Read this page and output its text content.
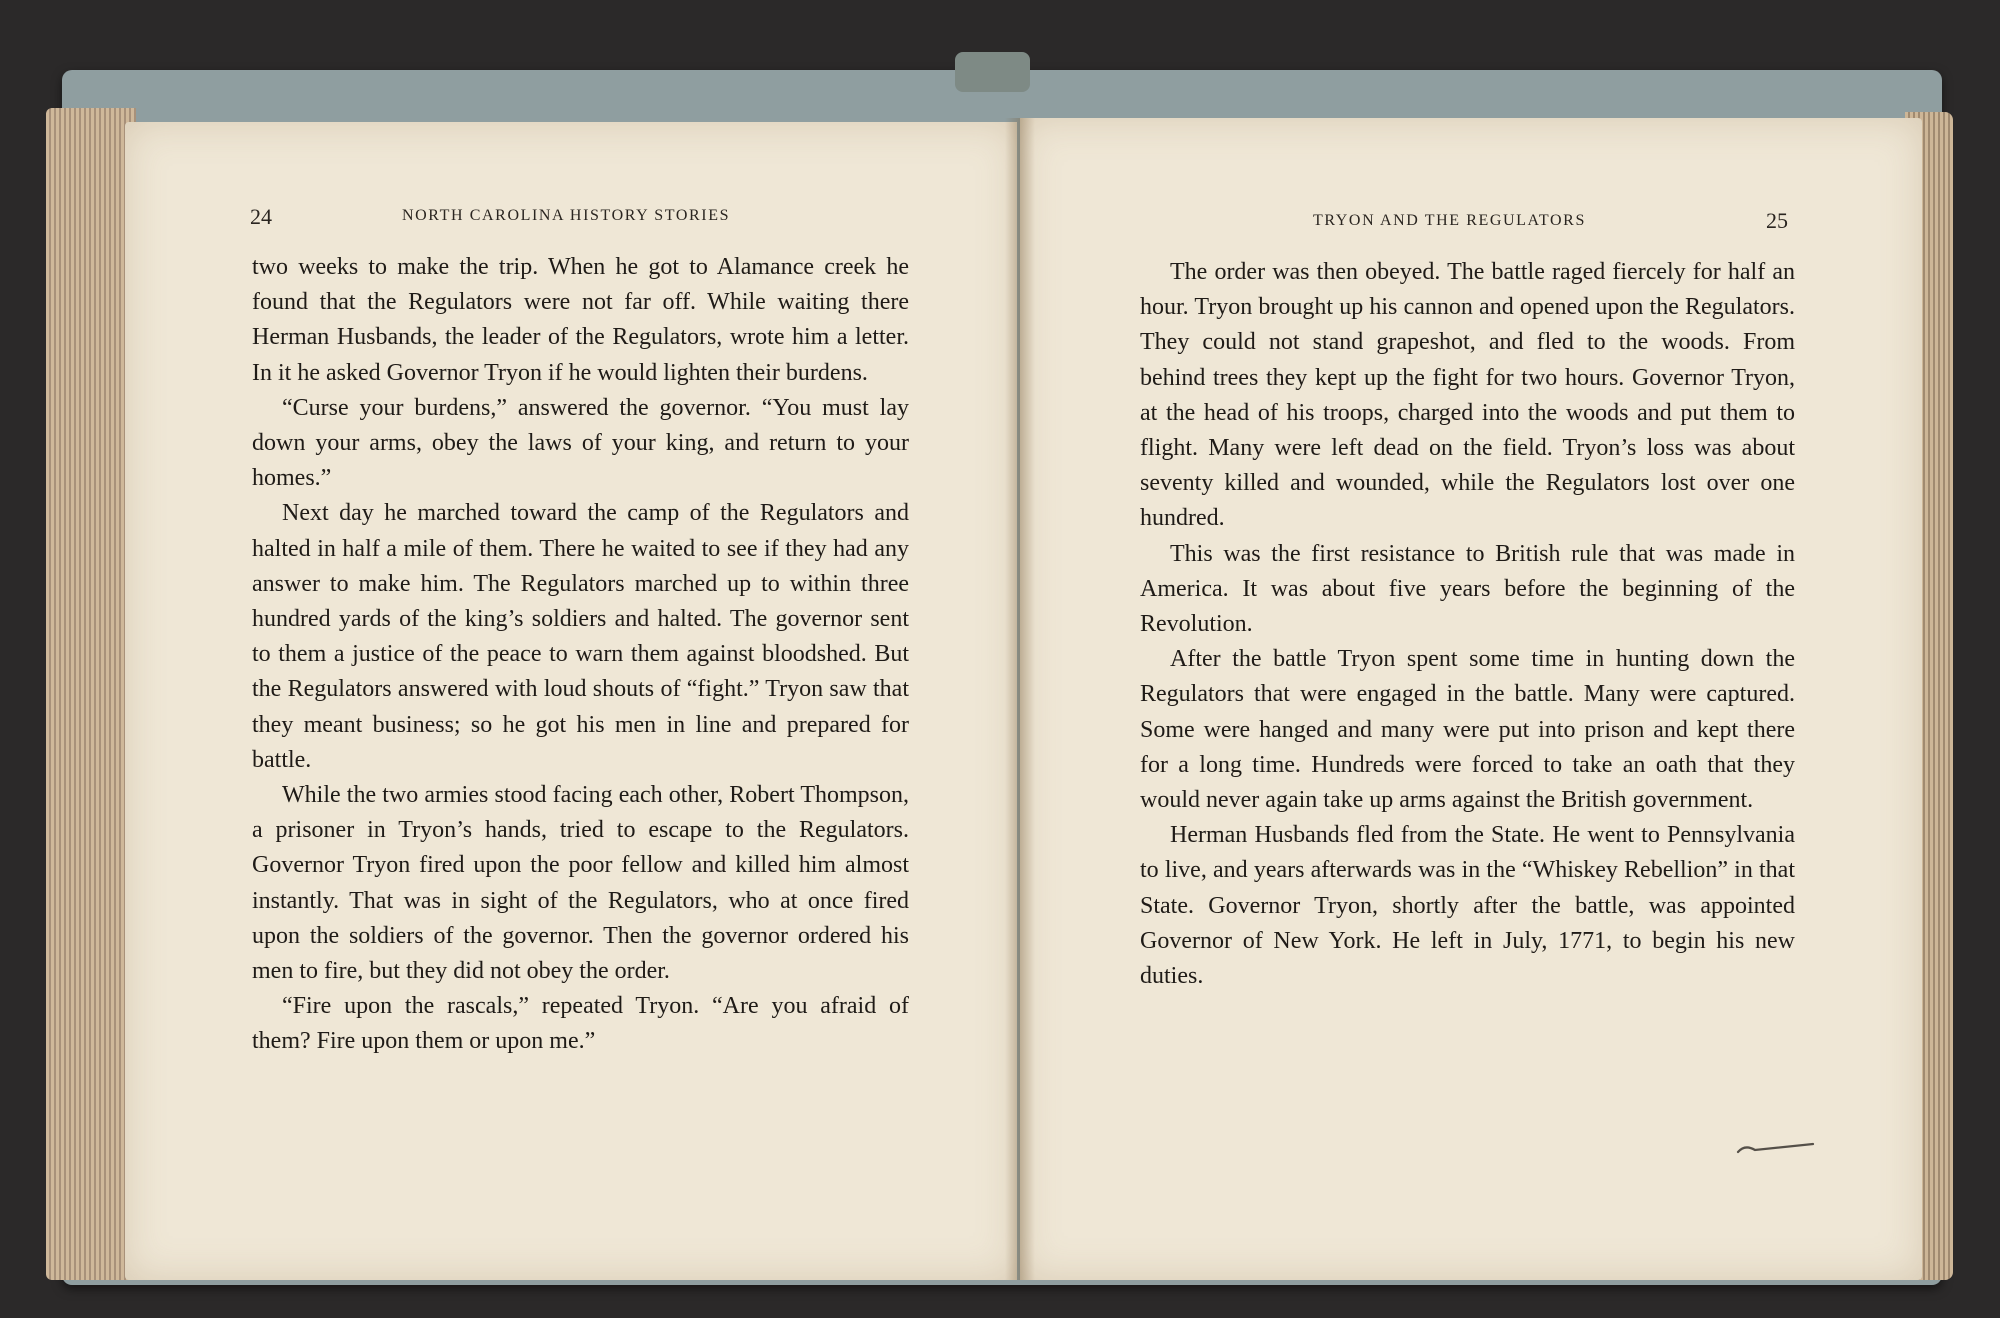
24	NORTH CAROLINA HISTORY STORIES	TRYON AND THE REGULATORS	25

two weeks to make the trip. When he got to Alamance creek he found that the Regulators were not far off. While waiting there Herman Husbands, the leader of the Regulators, wrote him a letter. In it he asked Governor Tryon if he would lighten their burdens.

“Curse your burdens,” answered the governor. “You must lay down your arms, obey the laws of your king, and return to your homes.”

Next day he marched toward the camp of the Regulators and halted in half a mile of them. There he waited to see if they had any answer to make him. The Regulators marched up to within three hundred yards of the king’s soldiers and halted. The governor sent to them a justice of the peace to warn them against bloodshed. But the Regulators answered with loud shouts of “fight.” Tryon saw that they meant business; so he got his men in line and prepared for battle.

While the two armies stood facing each other, Robert Thompson, a prisoner in Tryon’s hands, tried to escape to the Regulators. Governor Tryon fired upon the poor fellow and killed him almost instantly. That was in sight of the Regulators, who at once fired upon the soldiers of the governor. Then the governor ordered his men to fire, but they did not obey the order.

“Fire upon the rascals,” repeated Tryon. “Are you afraid of them? Fire upon them or upon me.”

The order was then obeyed. The battle raged fiercely for half an hour. Tryon brought up his cannon and opened upon the Regulators. They could not stand grapeshot, and fled to the woods. From behind trees they kept up the fight for two hours. Governor Tryon, at the head of his troops, charged into the woods and put them to flight. Many were left dead on the field. Tryon’s loss was about seventy killed and wounded, while the Regulators lost over one hundred.

This was the first resistance to British rule that was made in America. It was about five years before the beginning of the Revolution.

After the battle Tryon spent some time in hunting down the Regulators that were engaged in the battle. Many were captured. Some were hanged and many were put into prison and kept there for a long time. Hundreds were forced to take an oath that they would never again take up arms against the British government.

Herman Husbands fled from the State. He went to Pennsylvania to live, and years afterwards was in the “Whiskey Rebellion” in that State. Governor Tryon, shortly after the battle, was appointed Governor of New York. He left in July, 1771, to begin his new duties.
